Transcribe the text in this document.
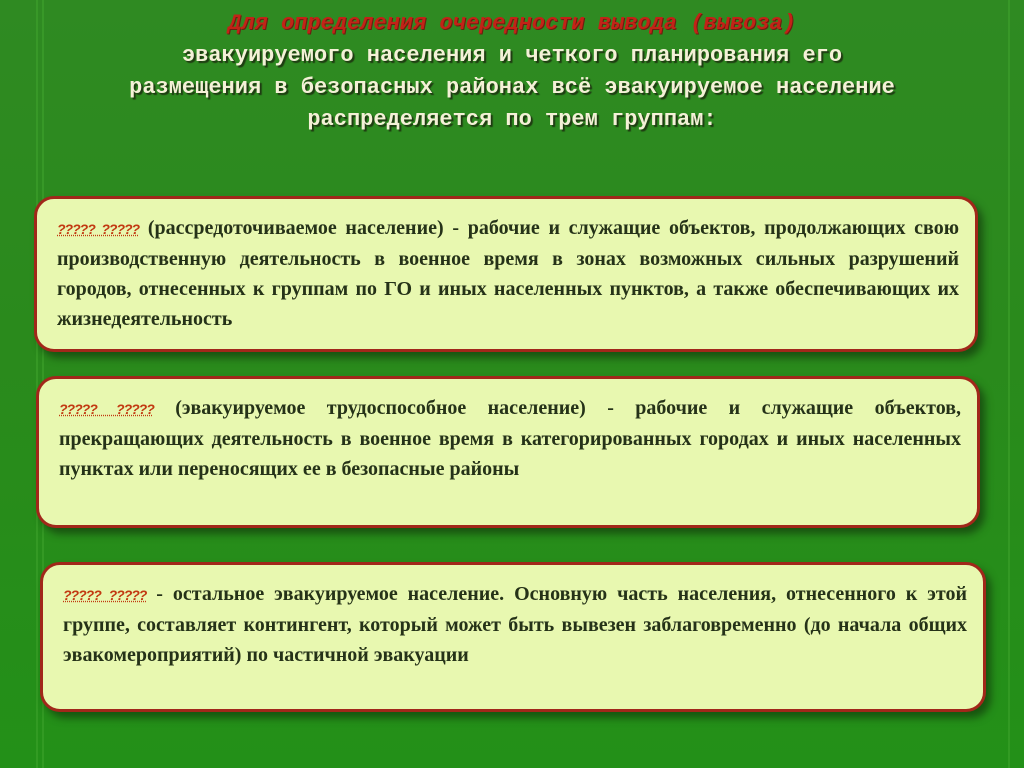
Для определения очередности вывода (вывоза)
эвакуируемого населения и четкого планирования его
размещения в безопасных районах всё эвакуируемое население
распределяется по трем группам:
????? ????? (рассредоточиваемое население) - рабочие и служащие объектов, продолжающих свою производственную деятельность в военное время в зонах возможных сильных разрушений городов, отнесенных к группам по ГО и иных населенных пунктов, а также обеспечивающих их жизнедеятельность
????? ????? (эвакуируемое трудоспособное население) - рабочие и служащие объектов, прекращающих деятельность в военное время в категорированных городах и иных населенных пунктах или переносящих ее в безопасные районы
????? ????? - остальное эвакуируемое население. Основную часть населения, отнесенного к этой группе, составляет контингент, который может быть вывезен заблаговременно (до начала общих эвакомероприятий) по частичной эвакуации
